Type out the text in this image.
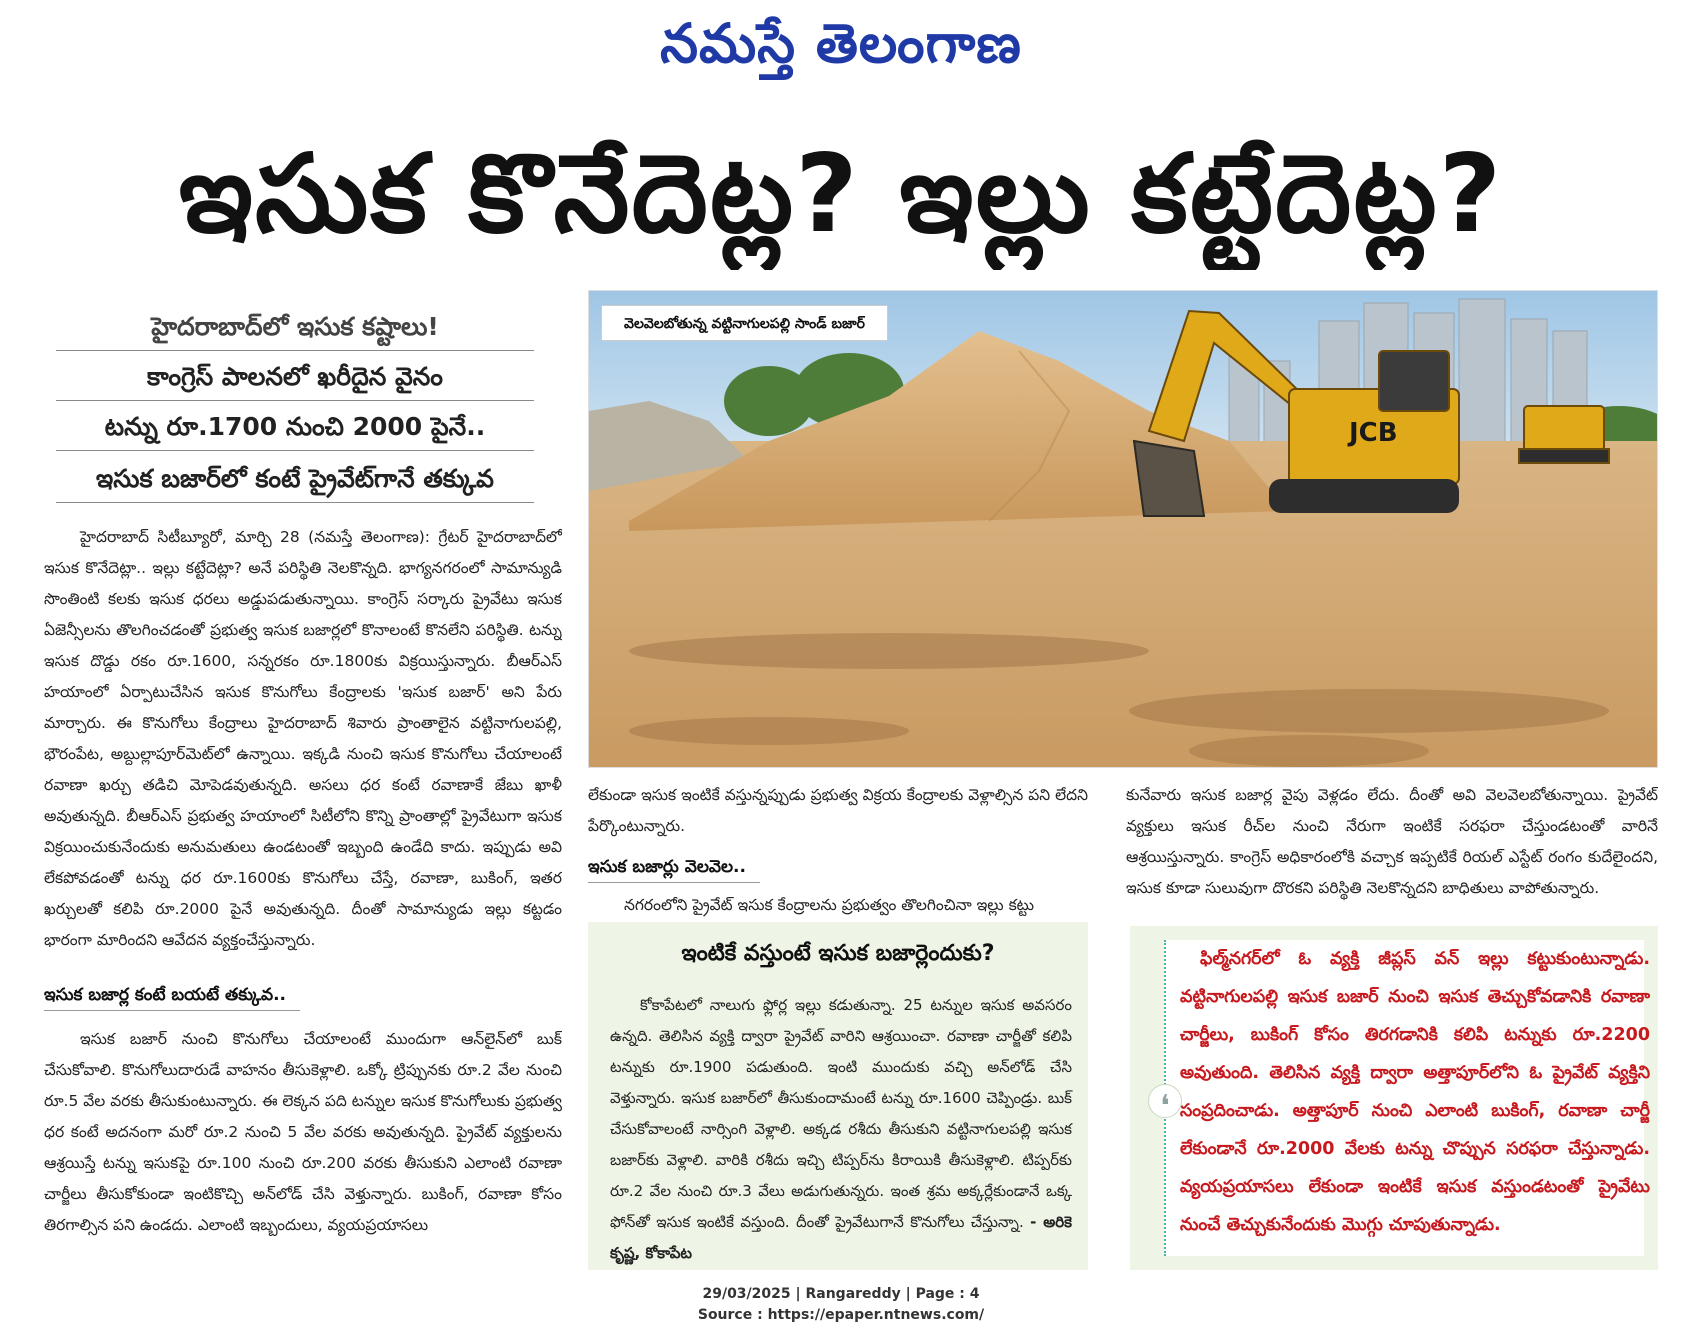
నమస్తే తెలంగాణ
ఇసుక కొనేదెట్ల? ఇల్లు కట్టేదెట్ల?
హైదరాబాద్‌లో ఇసుక కష్టాలు!
కాంగ్రెస్ పాలనలో ఖరీదైన వైనం
టన్ను రూ.1700 నుంచి 2000 పైనే..
ఇసుక బజార్‌లో కంటే ప్రైవేట్‌గానే తక్కువ

హైదరాబాద్ సిటీబ్యూరో, మార్చి 28 (నమస్తే తెలంగాణ): గ్రేటర్ హైదరాబాద్‌లో ఇసుక కొనేదెట్లా.. ఇల్లు కట్టేదెట్లా? అనే పరిస్థితి నెలకొన్నది. భాగ్యనగరంలో సామాన్యుడి సొంతింటి కలకు ఇసుక ధరలు అడ్డుపడుతున్నాయి. కాంగ్రెస్ సర్కారు ప్రైవేటు ఇసుక ఏజెన్సీలను తొలగించడంతో ప్రభుత్వ ఇసుక బజార్లలో కొనాలంటే కొనలేని పరిస్థితి. టన్ను ఇసుక దొడ్డు రకం రూ.1600, సన్నరకం రూ.1800కు విక్రయిస్తున్నారు. బీఆర్‌ఎస్ హయాంలో ఏర్పాటుచేసిన ఇసుక కొనుగోలు కేంద్రాలకు 'ఇసుక బజార్' అని పేరు మార్చారు. ఈ కొనుగోలు కేంద్రాలు హైదరాబాద్ శివారు ప్రాంతాలైన వట్టినాగులపల్లి, భౌరంపేట, అబ్దుల్లాపూర్‌మెట్‌లో ఉన్నాయి. ఇక్కడి నుంచి ఇసుక కొనుగోలు చేయాలంటే రవాణా ఖర్చు తడిచి మోపెడవుతున్నది. అసలు ధర కంటే రవాణాకే జేబు ఖాళీ అవుతున్నది. బీఆర్‌ఎస్ ప్రభుత్వ హయాంలో సిటీలోని కొన్ని ప్రాంతాల్లో ప్రైవేటుగా ఇసుక విక్రయించుకునేందుకు అనుమతులు ఉండటంతో ఇబ్బంది ఉండేది కాదు. ఇప్పుడు అవి లేకపోవడంతో టన్ను ధర రూ.1600కు కొనుగోలు చేస్తే, రవాణా, బుకింగ్, ఇతర ఖర్చులతో కలిపి రూ.2000 పైనే అవుతున్నది. దీంతో సామాన్యుడు ఇల్లు కట్టడం భారంగా మారిందని ఆవేదన వ్యక్తంచేస్తున్నారు.

ఇసుక బజార్ల కంటే బయటే తక్కువ..

ఇసుక బజార్ నుంచి కొనుగోలు చేయాలంటే ముందుగా ఆన్‌లైన్‌లో బుక్ చేసుకోవాలి. కొనుగోలుదారుడే వాహనం తీసుకెళ్లాలి. ఒక్కో ట్రిప్పునకు రూ.2 వేల నుంచి రూ.5 వేల వరకు తీసుకుంటున్నారు. ఈ లెక్కన పది టన్నుల ఇసుక కొనుగోలుకు ప్రభుత్వ ధర కంటే అదనంగా మరో రూ.2 నుంచి 5 వేల వరకు అవుతున్నది. ప్రైవేట్ వ్యక్తులను ఆశ్రయిస్తే టన్ను ఇసుకపై రూ.100 నుంచి రూ.200 వరకు తీసుకుని ఎలాంటి రవాణా చార్జీలు తీసుకోకుండా ఇంటికొచ్చి అన్‌లోడ్ చేసి వెళ్తున్నారు. బుకింగ్, రవాణా కోసం తిరగాల్సిన పని ఉండదు. ఎలాంటి ఇబ్బందులు, వ్యయప్రయాసలు

JCB
వెలవెలబోతున్న వట్టినాగులపల్లి సాండ్ బజార్

లేకుండా ఇసుక ఇంటికే వస్తున్నప్పుడు ప్రభుత్వ విక్రయ కేంద్రాలకు వెళ్లాల్సిన పని లేదని పేర్కొంటున్నారు.

ఇసుక బజార్లు వెలవెల..

నగరంలోని ప్రైవేట్ ఇసుక కేంద్రాలను ప్రభుత్వం తొలగించినా ఇల్లు కట్టు

కునేవారు ఇసుక బజార్ల వైపు వెళ్లడం లేదు. దీంతో అవి వెలవెలబోతున్నాయి. ప్రైవేట్ వ్యక్తులు ఇసుక రీచ్‌ల నుంచి నేరుగా ఇంటికే సరఫరా చేస్తుండటంతో వారినే ఆశ్రయిస్తున్నారు. కాంగ్రెస్ అధికారంలోకి వచ్చాక ఇప్పటికే రియల్ ఎస్టేట్ రంగం కుదేలైందని, ఇసుక కూడా సులువుగా దొరకని పరిస్థితి నెలకొన్నదని బాధితులు వాపోతున్నారు.

ఇంటికే వస్తుంటే ఇసుక బజార్లెందుకు?

కోకాపేటలో నాలుగు ఫ్లోర్ల ఇల్లు కడుతున్నా. 25 టన్నుల ఇసుక అవసరం ఉన్నది. తెలిసిన వ్యక్తి ద్వారా ప్రైవేట్ వారిని ఆశ్రయించా. రవాణా చార్జీతో కలిపి టన్నుకు రూ.1900 పడుతుంది. ఇంటి ముందుకు వచ్చి అన్‌లోడ్ చేసి వెళ్తున్నారు. ఇసుక బజార్‌లో తీసుకుందామంటే టన్ను రూ.1600 చెప్పిండ్రు. బుక్ చేసుకోవాలంటే నార్సింగి వెళ్లాలి. అక్కడ రశీదు తీసుకుని వట్టినాగులపల్లి ఇసుక బజార్‌కు వెళ్లాలి. వారికి రశీదు ఇచ్చి టిప్పర్‌ను కిరాయికి తీసుకెళ్లాలి. టిప్పర్‌కు రూ.2 వేల నుంచి రూ.3 వేలు అడుగుతున్నరు. ఇంత శ్రమ అక్కర్లేకుండానే ఒక్క ఫోన్‌తో ఇసుక ఇంటికే వస్తుంది. దీంతో ప్రైవేటుగానే కొనుగోలు చేస్తున్నా. - అరికె కృష్ణ, కోకాపేట

ఫిల్మ్‌నగర్‌లో ఓ వ్యక్తి జీప్లస్ వన్ ఇల్లు కట్టుకుంటున్నాడు. వట్టినాగులపల్లి ఇసుక బజార్ నుంచి ఇసుక తెచ్చుకోవడానికి రవాణా చార్జీలు, బుకింగ్ కోసం తిరగడానికి కలిపి టన్నుకు రూ.2200 అవుతుంది. తెలిసిన వ్యక్తి ద్వారా అత్తాపూర్‌లోని ఓ ప్రైవేట్ వ్యక్తిని సంప్రదించాడు. అత్తాపూర్ నుంచి ఎలాంటి బుకింగ్, రవాణా చార్జీ లేకుండానే రూ.2000 వేలకు టన్ను చొప్పున సరఫరా చేస్తున్నాడు. వ్యయప్రయాసలు లేకుండా ఇంటికే ఇసుక వస్తుండటంతో ప్రైవేటు నుంచే తెచ్చుకునేందుకు మొగ్గు చూపుతున్నాడు.

❛
29/03/2025 | Rangareddy | Page : 4
Source : https://epaper.ntnews.com/
